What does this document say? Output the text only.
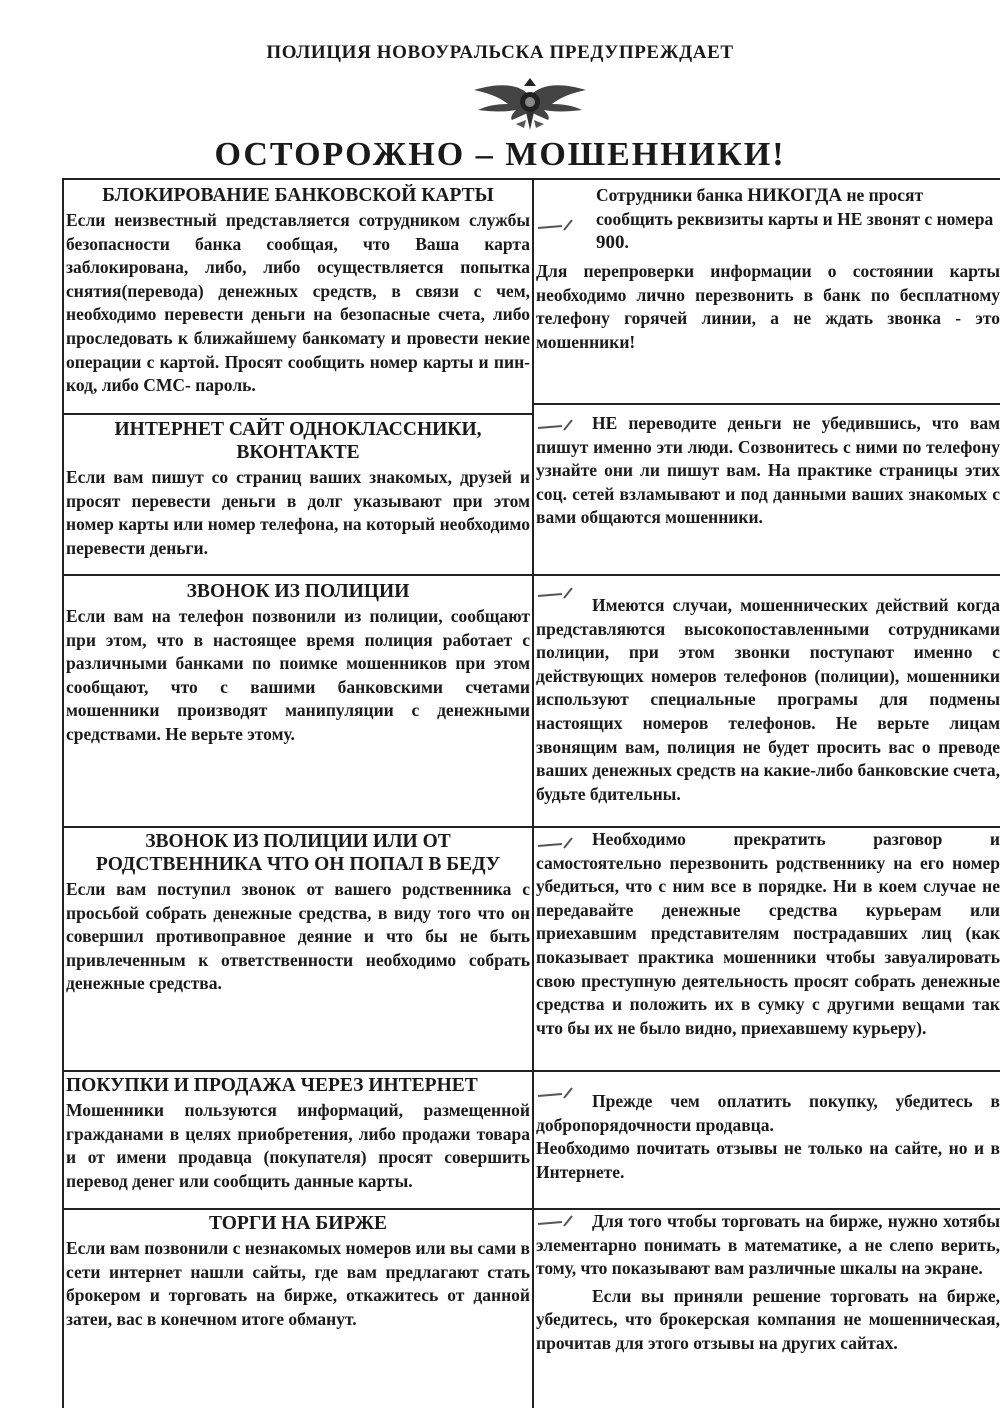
ПОЛИЦИЯ НОВОУРАЛЬСКА ПРЕДУПРЕЖДАЕТ
ОСТОРОЖНО – МОШЕННИКИ!
БЛОКИРОВАНИЕ БАНКОВСКОЙ КАРТЫ

Если неизвестный представляется сотрудником службы безопасности банка сообщая, что Ваша карта заблокирована, либо, либо осуществляется попытка снятия(перевода) денежных средств, в связи с чем, необходимо перевести деньги на безопасные счета, либо проследовать к ближайшему банкомату и провести некие операции с картой. Просят сообщить номер карты и пин-код, либо СМС- пароль.

Сотрудники банка НИКОГДА не просят сообщить реквизиты карты и НЕ звонят с номера 900.

Для перепроверки информации о состоянии карты необходимо лично перезвонить в банк по бесплатному телефону горячей линии, а не ждать звонка - это мошенники!

ИНТЕРНЕТ САЙТ ОДНОКЛАССНИКИ, ВКОНТАКТЕ

Если вам пишут со страниц ваших знакомых, друзей и просят перевести деньги в долг указывают при этом номер карты или номер телефона, на который необходимо перевести деньги.

НЕ переводите деньги не убедившись, что вам пишут именно эти люди. Созвонитесь с ними по телефону узнайте они ли пишут вам. На практике страницы этих соц. сетей взламывают и под данными ваших знакомых с вами общаются мошенники.

ЗВОНОК ИЗ ПОЛИЦИИ

Если вам на телефон позвонили из полиции, сообщают при этом, что в настоящее время полиция работает с различными банками по поимке мошенников при этом сообщают, что с вашими банковскими счетами мошенники производят манипуляции с денежными средствами. Не верьте этому.

Имеются случаи, мошеннических действий когда представляются высокопоставленными сотрудниками полиции, при этом звонки поступают именно с действующих номеров телефонов (полиции), мошенники используют специальные програмы для подмены настоящих номеров телефонов. Не верьте лицам звонящим вам, полиция не будет просить вас о преводе ваших денежных средств на какие-либо банковские счета, будьте бдительны.

ЗВОНОК ИЗ ПОЛИЦИИ ИЛИ ОТ РОДСТВЕННИКА ЧТО ОН ПОПАЛ В БЕДУ

Если вам поступил звонок от вашего родственника с просьбой собрать денежные средства, в виду того что он совершил противоправное деяние и что бы не быть привлеченным к ответственности необходимо собрать денежные средства.

Необходимо прекратить разговор и самостоятельно перезвонить родственнику на его номер убедиться, что с ним все в порядке. Ни в коем случае не передавайте денежные средства курьерам или приехавшим представителям пострадавших лиц (как показывает практика мошенники чтобы завуалировать свою преступную деятельность просят собрать денежные средства и положить их в сумку с другими вещами так что бы их не было видно, приехавшему курьеру).

ПОКУПКИ И ПРОДАЖА ЧЕРЕЗ ИНТЕРНЕТ

Мошенники пользуются информаций, размещенной гражданами в целях приобретения, либо продажи товара и от имени продавца (покупателя) просят совершить перевод денег или сообщить данные карты.

Прежде чем оплатить покупку, убедитесь в добропорядочности продавца.

Необходимо почитать отзывы не только на сайте, но и в Интернете.

ТОРГИ НА БИРЖЕ

Если вам позвонили с незнакомых номеров или вы сами в сети интернет нашли сайты, где вам предлагают стать брокером и торговать на бирже, откажитесь от данной затеи, вас в конечном итоге обманут.

Для того чтобы торговать на бирже, нужно хотябы элементарно понимать в математике, а не слепо верить, тому, что показывают вам различные шкалы на экране.

Если вы приняли решение торговать на бирже, убедитесь, что брокерская компания не мошенническая, прочитав для этого отзывы на других сайтах.
